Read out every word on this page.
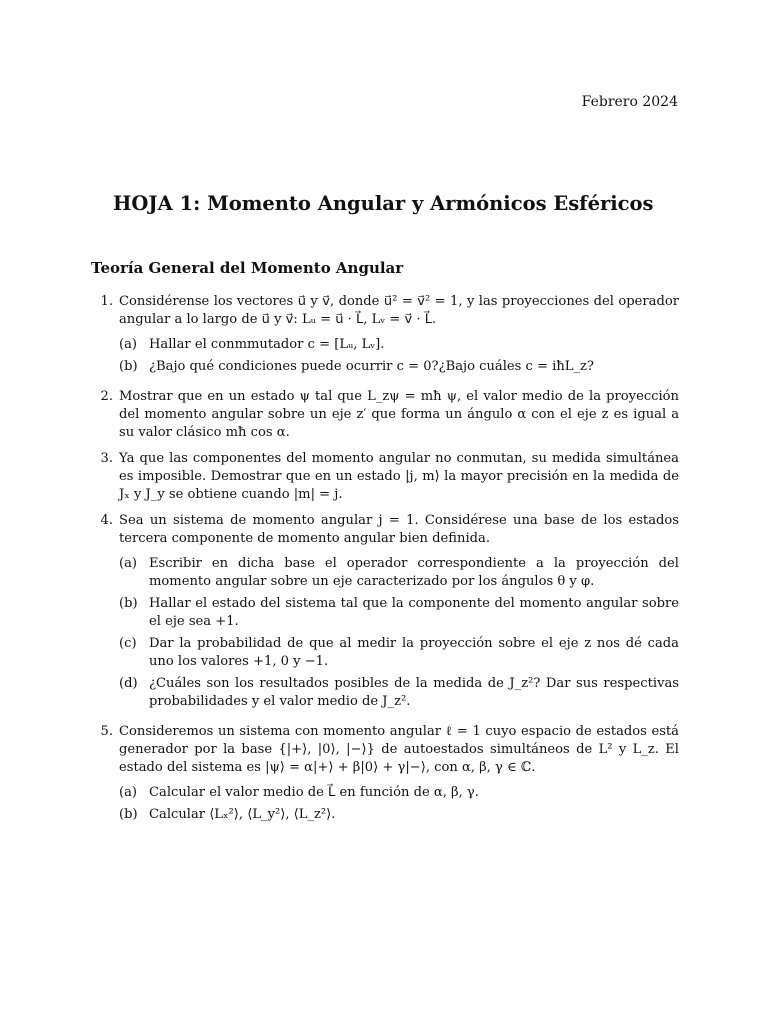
Febrero 2024
HOJA 1: Momento Angular y Armónicos Esféricos
Teoría General del Momento Angular
1. Considérense los vectores u⃗ y v⃗, donde u⃗² = v⃗² = 1, y las proyecciones del operador angular a lo largo de u⃗ y v⃗: Lᵤ = u⃗ · L⃗, Lᵥ = v⃗ · L⃗.
(a) Hallar el conmmutador c = [Lᵤ, Lᵥ].
(b) ¿Bajo qué condiciones puede ocurrir c = 0?¿Bajo cuáles c = iħL_z?
2. Mostrar que en un estado ψ tal que L_zψ = mħ ψ, el valor medio de la proyección del momento angular sobre un eje z′ que forma un ángulo α con el eje z es igual a su valor clásico mħ cos α.
3. Ya que las componentes del momento angular no conmutan, su medida simultánea es imposible. Demostrar que en un estado |j, m⟩ la mayor precisión en la medida de Jₓ y J_y se obtiene cuando |m| = j.
4. Sea un sistema de momento angular j = 1. Considérese una base de los estados tercera componente de momento angular bien definida.
(a) Escribir en dicha base el operador correspondiente a la proyección del momento angular sobre un eje caracterizado por los ángulos θ y φ.
(b) Hallar el estado del sistema tal que la componente del momento angular sobre el eje sea +1.
(c) Dar la probabilidad de que al medir la proyección sobre el eje z nos dé cada uno los valores +1, 0 y −1.
(d) ¿Cuáles son los resultados posibles de la medida de J_z²? Dar sus respectivas probabilidades y el valor medio de J_z².
5. Consideremos un sistema con momento angular ℓ = 1 cuyo espacio de estados está generador por la base {|+⟩, |0⟩, |−⟩} de autoestados simultáneos de L² y L_z. El estado del sistema es |ψ⟩ = α|+⟩ + β|0⟩ + γ|−⟩, con α, β, γ ∈ ℂ.
(a) Calcular el valor medio de L⃗ en función de α, β, γ.
(b) Calcular ⟨Lₓ²⟩, ⟨L_y²⟩, ⟨L_z²⟩.
